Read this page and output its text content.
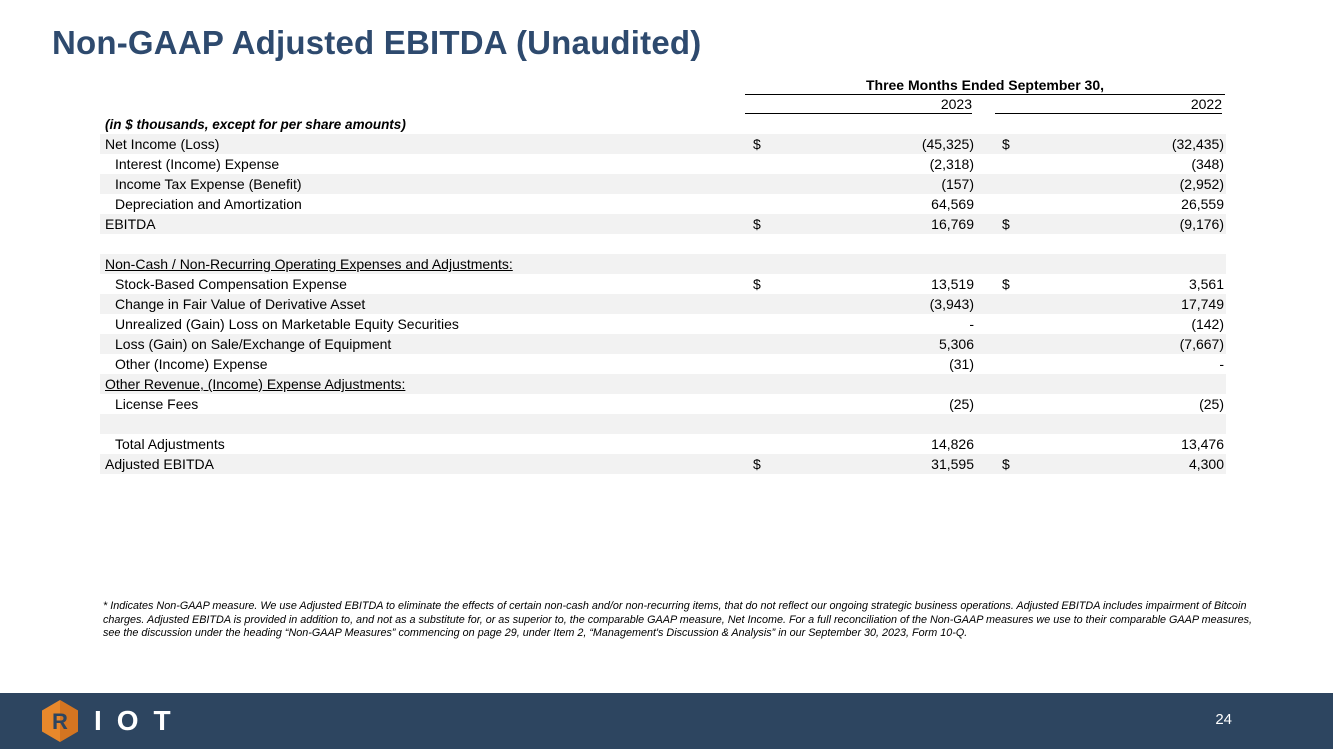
Non-GAAP Adjusted EBITDA (Unaudited)
Three Months Ended September 30,
2023	2022
(in $ thousands, except for per share amounts)
Net Income (Loss)	$	(45,325) $	(32,435)
Interest (Income) Expense	(2,318)	(348)
Income Tax Expense (Benefit)	(157)	(2,952)
Depreciation and Amortization	64,569	26,559
EBITDA	$	16,769 $	(9,176)
Non-Cash / Non-Recurring Operating Expenses and Adjustments:
Stock-Based Compensation Expense	$	13,519 $	3,561
Change in Fair Value of Derivative Asset	(3,943)	17,749
Unrealized (Gain) Loss on Marketable Equity Securities	-	(142)
Loss (Gain) on Sale/Exchange of Equipment	5,306	(7,667)
Other (Income) Expense	(31)	-
Other Revenue, (Income) Expense Adjustments:
License Fees	(25)	(25)
Total Adjustments	14,826	13,476
Adjusted EBITDA	$	31,595 $	4,300
* Indicates Non-GAAP measure. We use Adjusted EBITDA to eliminate the effects of certain non-cash and/or non-recurring items, that do not reflect our ongoing strategic business operations. Adjusted EBITDA includes impairment of Bitcoin charges. Adjusted EBITDA is provided in addition to, and not as a substitute for, or as superior to, the comparable GAAP measure, Net Income. For a full reconciliation of the Non-GAAP measures we use to their comparable GAAP measures, see the discussion under the heading “Non-GAAP Measures” commencing on page 29, under Item 2, “Management's Discussion & Analysis” in our September 30, 2023, Form 10-Q.
R IOT	24
